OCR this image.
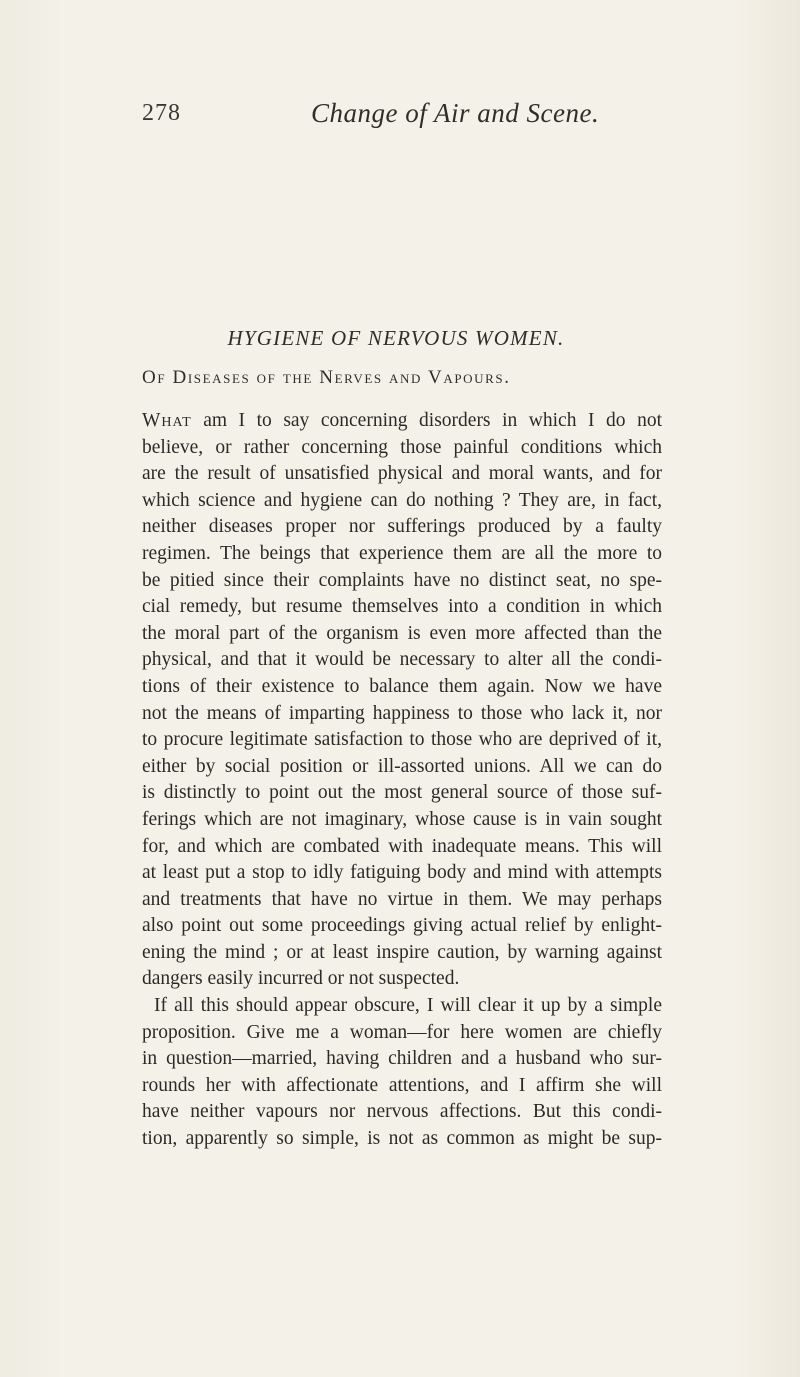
278	Change of Air and Scene.
HYGIENE OF NERVOUS WOMEN.
Of Diseases of the Nerves and Vapours.
What am I to say concerning disorders in which I do not
believe, or rather concerning those painful conditions which
are the result of unsatisfied physical and moral wants, and for
which science and hygiene can do nothing ? They are, in fact,
neither diseases proper nor sufferings produced by a faulty
regimen. The beings that experience them are all the more to
be pitied since their complaints have no distinct seat, no spe-
cial remedy, but resume themselves into a condition in which
the moral part of the organism is even more affected than the
physical, and that it would be necessary to alter all the condi-
tions of their existence to balance them again. Now we have
not the means of imparting happiness to those who lack it, nor
to procure legitimate satisfaction to those who are deprived of it,
either by social position or ill-assorted unions. All we can do
is distinctly to point out the most general source of those suf-
ferings which are not imaginary, whose cause is in vain sought
for, and which are combated with inadequate means. This will
at least put a stop to idly fatiguing body and mind with attempts
and treatments that have no virtue in them. We may perhaps
also point out some proceedings giving actual relief by enlight-
ening the mind ; or at least inspire caution, by warning against
dangers easily incurred or not suspected.
If all this should appear obscure, I will clear it up by a simple
proposition. Give me a woman—for here women are chiefly
in question—married, having children and a husband who sur-
rounds her with affectionate attentions, and I affirm she will
have neither vapours nor nervous affections. But this condi-
tion, apparently so simple, is not as common as might be sup-
